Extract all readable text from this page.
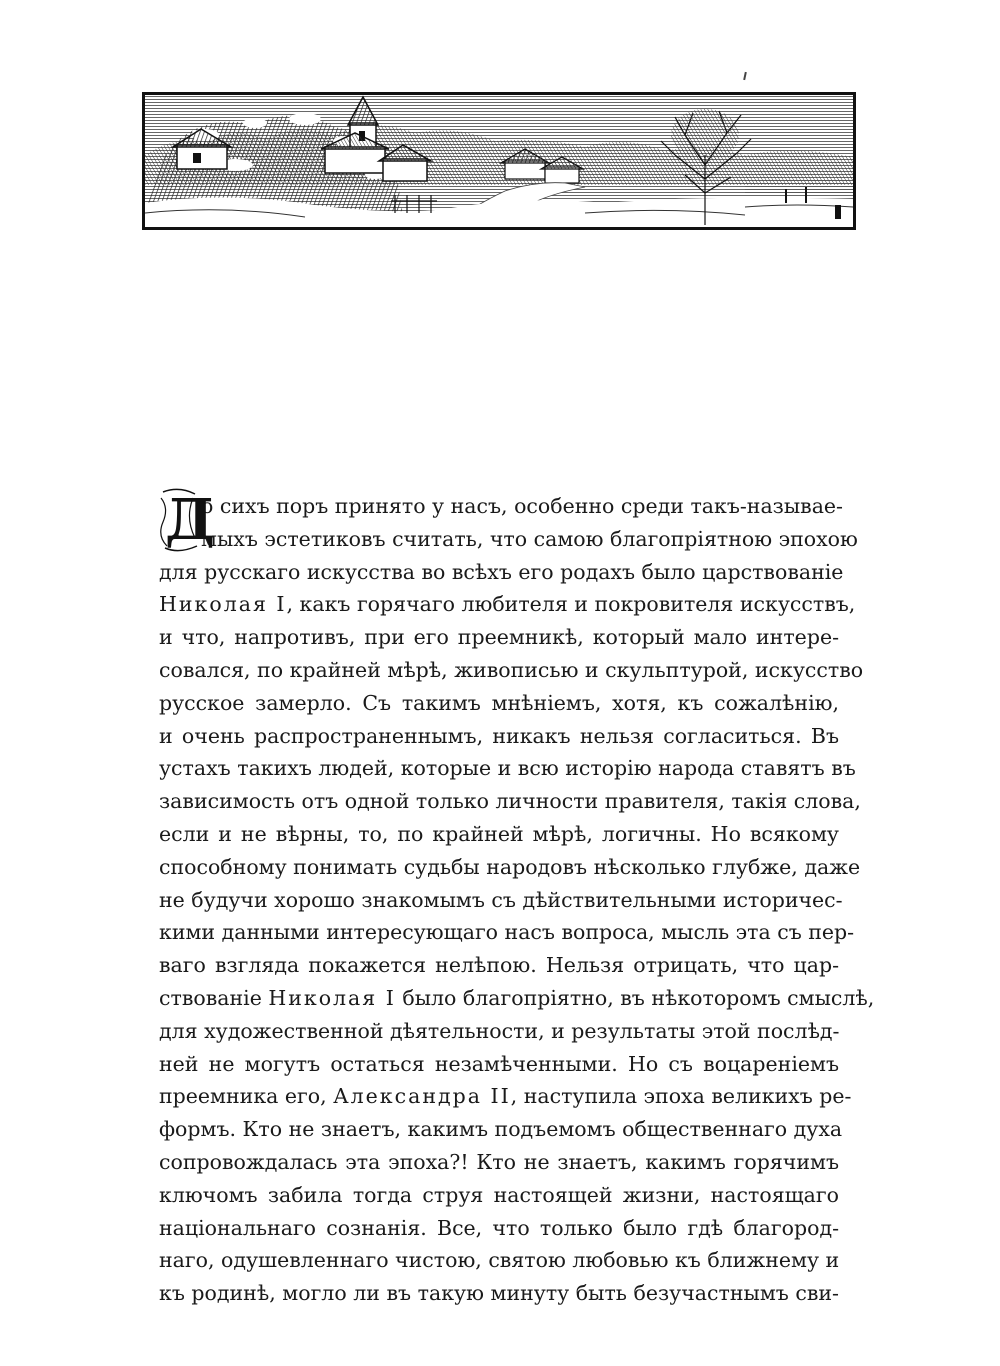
Д
о сихъ поръ принято у насъ, особенно среди такъ-называе-
мыхъ эстетиковъ считать, что самою благопріятною эпохою
для русскаго искусства во всѣхъ его родахъ было царствованіе
Николая I, какъ горячаго любителя и покровителя искусствъ,
и что, напротивъ, при его преемникѣ, который мало интере-
совался, по крайней мѣрѣ, живописью и скульптурой, искусство
русское замерло. Съ такимъ мнѣніемъ, хотя, къ сожалѣнію,
и очень распространеннымъ, никакъ нельзя согласиться. Въ
устахъ такихъ людей, которые и всю исторію народа ставятъ въ
зависимость отъ одной только личности правителя, такія слова,
если и не вѣрны, то, по крайней мѣрѣ, логичны. Но всякому
способному понимать судьбы народовъ нѣсколько глубже, даже
не будучи хорошо знакомымъ съ дѣйствительными историчес-
кими данными интересующаго насъ вопроса, мысль эта съ пер-
ваго взгляда покажется нелѣпою. Нельзя отрицать, что цар-
ствованіе Николая I было благопріятно, въ нѣкоторомъ смыслѣ,
для художественной дѣятельности, и результаты этой послѣд-
ней не могутъ остаться незамѣченными. Но съ воцареніемъ
преемника его, Александра II, наступила эпоха великихъ ре-
формъ. Кто не знаетъ, какимъ подъемомъ общественнаго духа
сопровождалась эта эпоха?! Кто не знаетъ, какимъ горячимъ
ключомъ забила тогда струя настоящей жизни, настоящаго
національнаго сознанія. Все, что только было гдѣ благород-
наго, одушевленнаго чистою, святою любовью къ ближнему и
къ родинѣ, могло ли въ такую минуту быть безучастнымъ сви-
